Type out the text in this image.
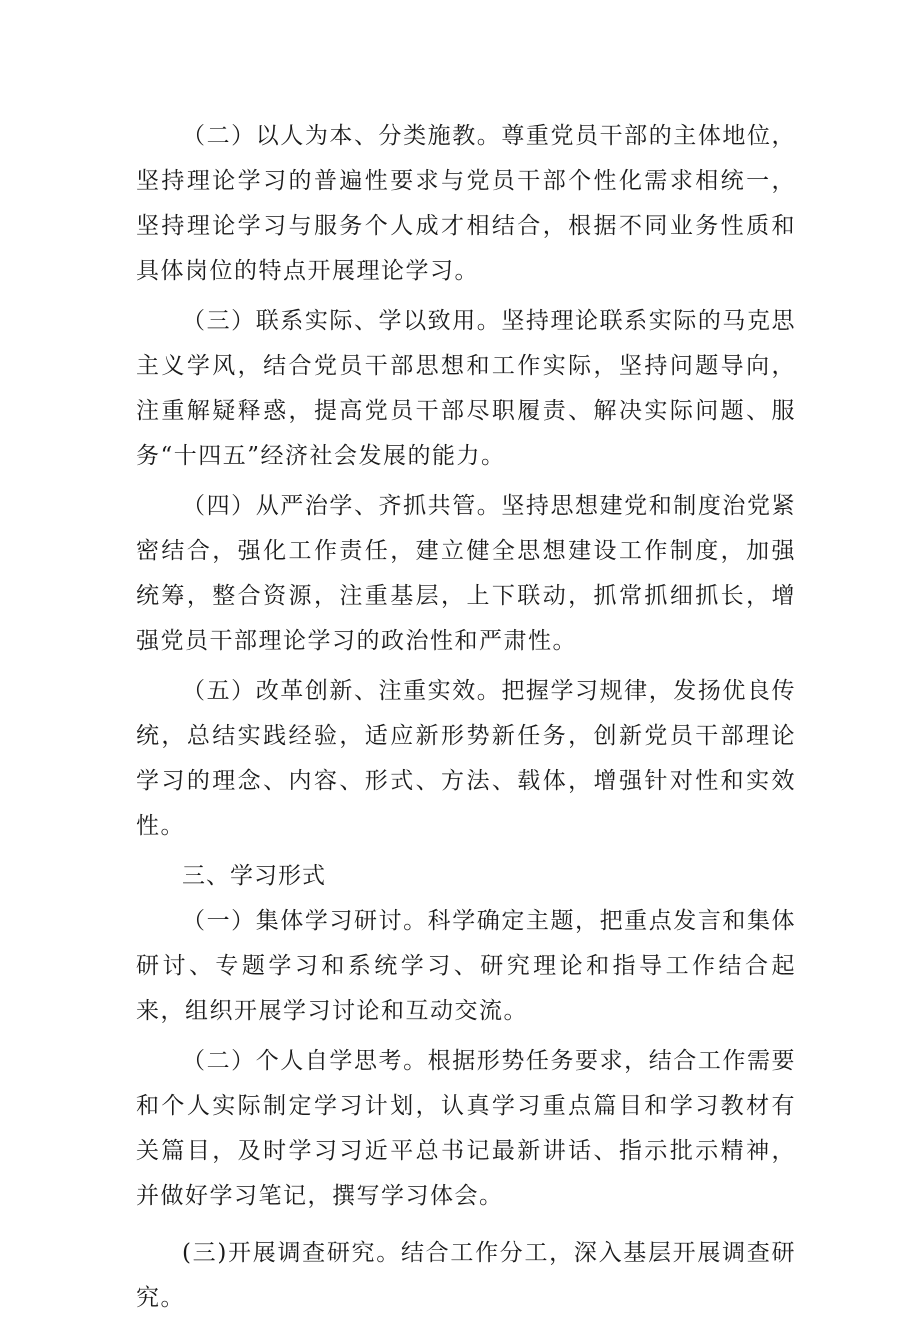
（二）以人为本、分类施教。尊重党员干部的主体地位，坚持理论学习的普遍性要求与党员干部个性化需求相统一，坚持理论学习与服务个人成才相结合，根据不同业务性质和具体岗位的特点开展理论学习。

（三）联系实际、学以致用。坚持理论联系实际的马克思主义学风，结合党员干部思想和工作实际，坚持问题导向，注重解疑释惑，提高党员干部尽职履责、解决实际问题、服务“十四五”经济社会发展的能力。

（四）从严治学、齐抓共管。坚持思想建党和制度治党紧密结合，强化工作责任，建立健全思想建设工作制度，加强统筹，整合资源，注重基层，上下联动，抓常抓细抓长，增强党员干部理论学习的政治性和严肃性。

（五）改革创新、注重实效。把握学习规律，发扬优良传统，总结实践经验，适应新形势新任务，创新党员干部理论学习的理念、内容、形式、方法、载体，增强针对性和实效性。

三、学习形式

（一）集体学习研讨。科学确定主题，把重点发言和集体研讨、专题学习和系统学习、研究理论和指导工作结合起来，组织开展学习讨论和互动交流。

（二）个人自学思考。根据形势任务要求，结合工作需要和个人实际制定学习计划，认真学习重点篇目和学习教材有关篇目，及时学习习近平总书记最新讲话、指示批示精神，并做好学习笔记，撰写学习体会。

(三)开展调查研究。结合工作分工，深入基层开展调查研究。
